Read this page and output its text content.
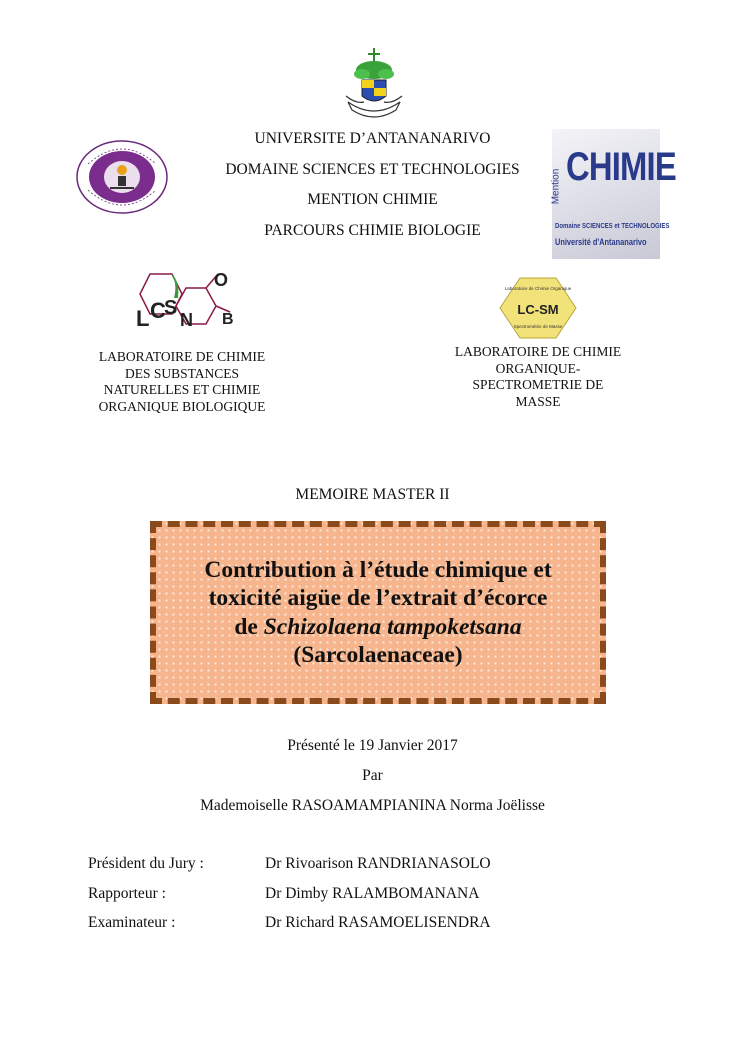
Mention CHIMIE
Domaine SCIENCES et TECHNOLOGIES
Université d'Antananarivo
UNIVERSITE D’ANTANANARIVO
DOMAINE SCIENCES ET TECHNOLOGIES
MENTION CHIMIE
PARCOURS CHIMIE BIOLOGIE
L C
S
N
O
B
Laboratoire de Chimie Organique
LC-SM
Spectrométrie de Masse
LABORATOIRE DE CHIMIE
DES SUBSTANCES
NATURELLES ET CHIMIE
ORGANIQUE BIOLOGIQUE
LABORATOIRE DE CHIMIE
ORGANIQUE-
SPECTROMETRIE DE
MASSE
MEMOIRE MASTER II
Contribution à l’étude chimique et
toxicité aigüe de l’extrait d’écorce
de Schizolaena tampoketsana
(Sarcolaenaceae)
Présenté le 19 Janvier 2017
Par
Mademoiselle RASOAMAMPIANINA Norma Joëlisse
Président du Jury :	Dr Rivoarison RANDRIANASOLO
Rapporteur :	Dr Dimby RALAMBOMANANA
Examinateur :	Dr Richard RASAMOELISENDRA
